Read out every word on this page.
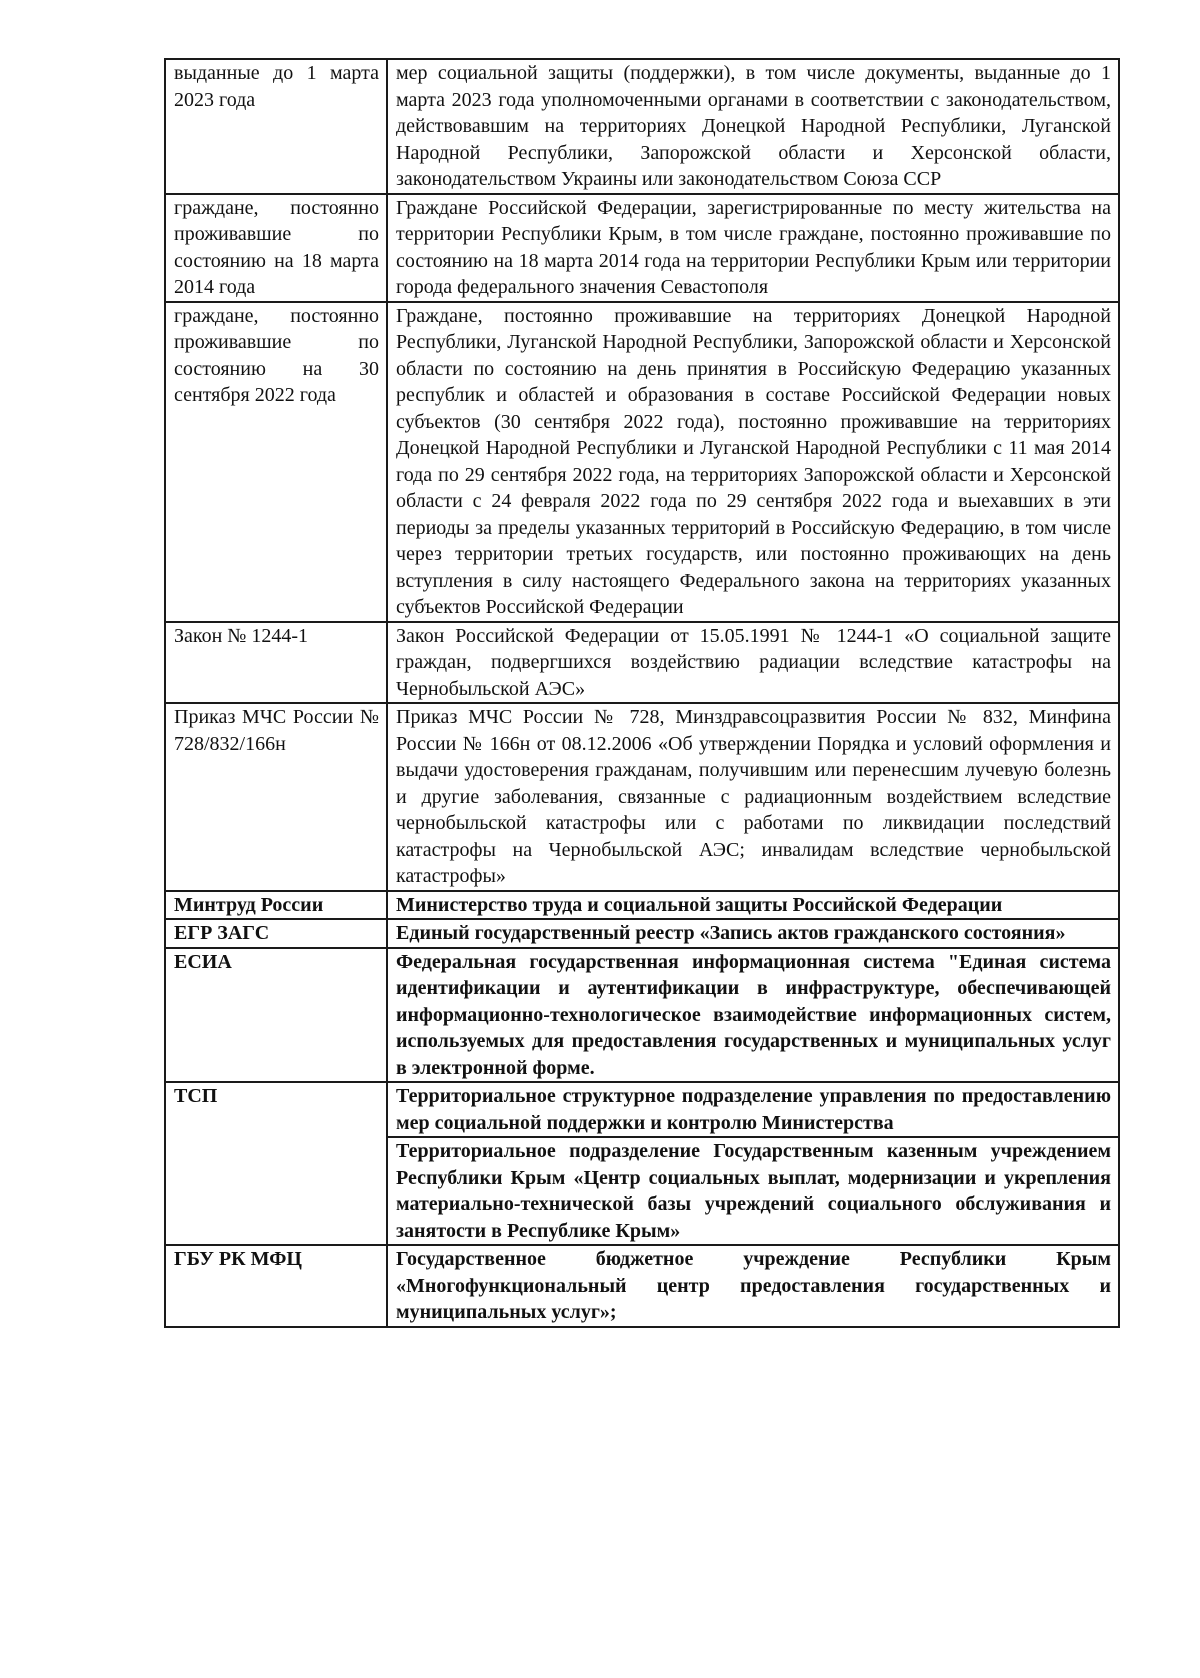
выданные до 1 марта 2023 года	мер социальной защиты (поддержки), в том числе документы, выданные до 1 марта 2023 года уполномоченными органами в соответствии с законодательством, действовавшим на территориях Донецкой Народной Республики, Луганской Народной Республики, Запорожской области и Херсонской области, законодательством Украины или законодательством Союза ССР
граждане, постоянно проживавшие по состоянию на 18 марта 2014 года	Граждане Российской Федерации, зарегистрированные по месту жительства на территории Республики Крым, в том числе граждане, постоянно проживавшие по состоянию на 18 марта 2014 года на территории Республики Крым или территории города федерального значения Севастополя
граждане, постоянно проживавшие по состоянию на 30 сентября 2022 года	Граждане, постоянно проживавшие на территориях Донецкой Народной Республики, Луганской Народной Республики, Запорожской области и Херсонской области по состоянию на день принятия в Российскую Федерацию указанных республик и областей и образования в составе Российской Федерации новых субъектов (30 сентября 2022 года), постоянно проживавшие на территориях Донецкой Народной Республики и Луганской Народной Республики с 11 мая 2014 года по 29 сентября 2022 года, на территориях Запорожской области и Херсонской области с 24 февраля 2022 года по 29 сентября 2022 года и выехавших в эти периоды за пределы указанных территорий в Российскую Федерацию, в том числе через территории третьих государств, или постоянно проживающих на день вступления в силу настоящего Федерального закона на территориях указанных субъектов Российской Федерации
Закон № 1244-1	Закон Российской Федерации от 15.05.1991 № 1244-1 «О социальной защите граждан, подвергшихся воздействию радиации вследствие катастрофы на Чернобыльской АЭС»
Приказ МЧС России № 728/832/166н	Приказ МЧС России № 728, Минздравсоцразвития России № 832, Минфина России № 166н от 08.12.2006 «Об утверждении Порядка и условий оформления и выдачи удостоверения гражданам, получившим или перенесшим лучевую болезнь и другие заболевания, связанные с радиационным воздействием вследствие чернобыльской катастрофы или с работами по ликвидации последствий катастрофы на Чернобыльской АЭС; инвалидам вследствие чернобыльской катастрофы»
Минтруд России	Министерство труда и социальной защиты Российской Федерации
ЕГР ЗАГС	Единый государственный реестр «Запись актов гражданского состояния»
ЕСИА	Федеральная государственная информационная система "Единая система идентификации и аутентификации в инфраструктуре, обеспечивающей информационно-технологическое взаимодействие информационных систем, используемых для предоставления государственных и муниципальных услуг в электронной форме.
ТСП	Территориальное структурное подразделение управления по предоставлению мер социальной поддержки и контролю Министерства
	Территориальное подразделение Государственным казенным учреждением Республики Крым «Центр социальных выплат, модернизации и укрепления материально-технической базы учреждений социального обслуживания и занятости в Республике Крым»
ГБУ РК МФЦ	Государственное бюджетное учреждение Республики Крым «Многофункциональный центр предоставления государственных и муниципальных услуг»;
